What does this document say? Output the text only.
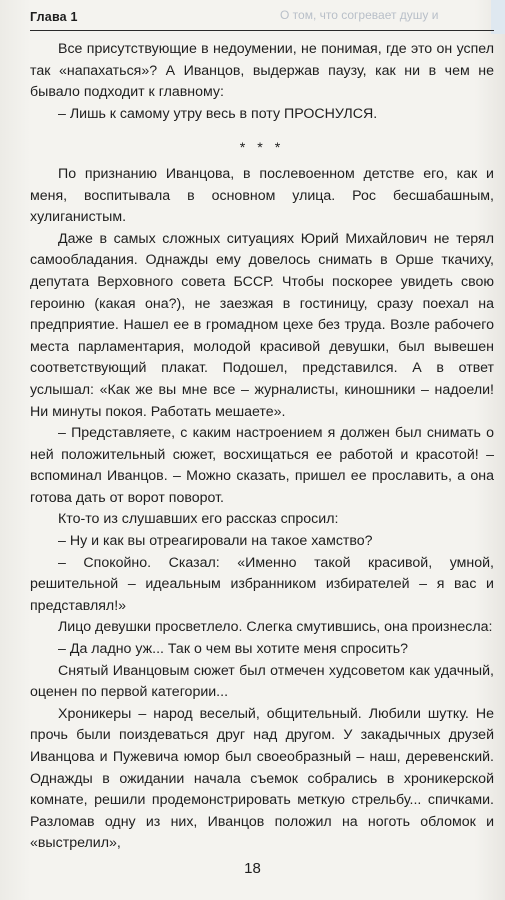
Глава 1	О том, что согревает душу и

Все присутствующие в недоумении, не понимая, где это он успел так «напахаться»? А Иванцов, выдержав паузу, как ни в чем не бывало подходит к главному:

– Лишь к самому утру весь в поту ПРОСНУЛСЯ.

* * *

По признанию Иванцова, в послевоенном детстве его, как и меня, воспитывала в основном улица. Рос бесшабашным, хулиганистым.

Даже в самых сложных ситуациях Юрий Михайлович не терял самообладания. Однажды ему довелось снимать в Орше ткачиху, депутата Верховного совета БССР. Чтобы поскорее увидеть свою героиню (какая она?), не заезжая в гостиницу, сразу поехал на предприятие. Нашел ее в громадном цехе без труда. Возле рабочего места парламентария, молодой красивой девушки, был вывешен соответствующий плакат. Подошел, представился. А в ответ услышал: «Как же вы мне все – журналисты, киношники – надоели! Ни минуты покоя. Работать мешаете».

– Представляете, с каким настроением я должен был снимать о ней положительный сюжет, восхищаться ее работой и красотой! – вспоминал Иванцов. – Можно сказать, пришел ее прославить, а она готова дать от ворот поворот.

Кто-то из слушавших его рассказ спросил:

– Ну и как вы отреагировали на такое хамство?

– Спокойно. Сказал: «Именно такой красивой, умной, решительной – идеальным избранником избирателей – я вас и представлял!»

Лицо девушки просветлело. Слегка смутившись, она произнесла:

– Да ладно уж... Так о чем вы хотите меня спросить?

Снятый Иванцовым сюжет был отмечен худсоветом как удачный, оценен по первой категории...

Хроникеры – народ веселый, общительный. Любили шутку. Не прочь были поиздеваться друг над другом. У закадычных друзей Иванцова и Пужевича юмор был своеобразный – наш, деревенский. Однажды в ожидании начала съемок собрались в хроникерской комнате, решили продемонстрировать меткую стрельбу... спичками. Разломав одну из них, Иванцов положил на ноготь обломок и «выстрелил»,

18
